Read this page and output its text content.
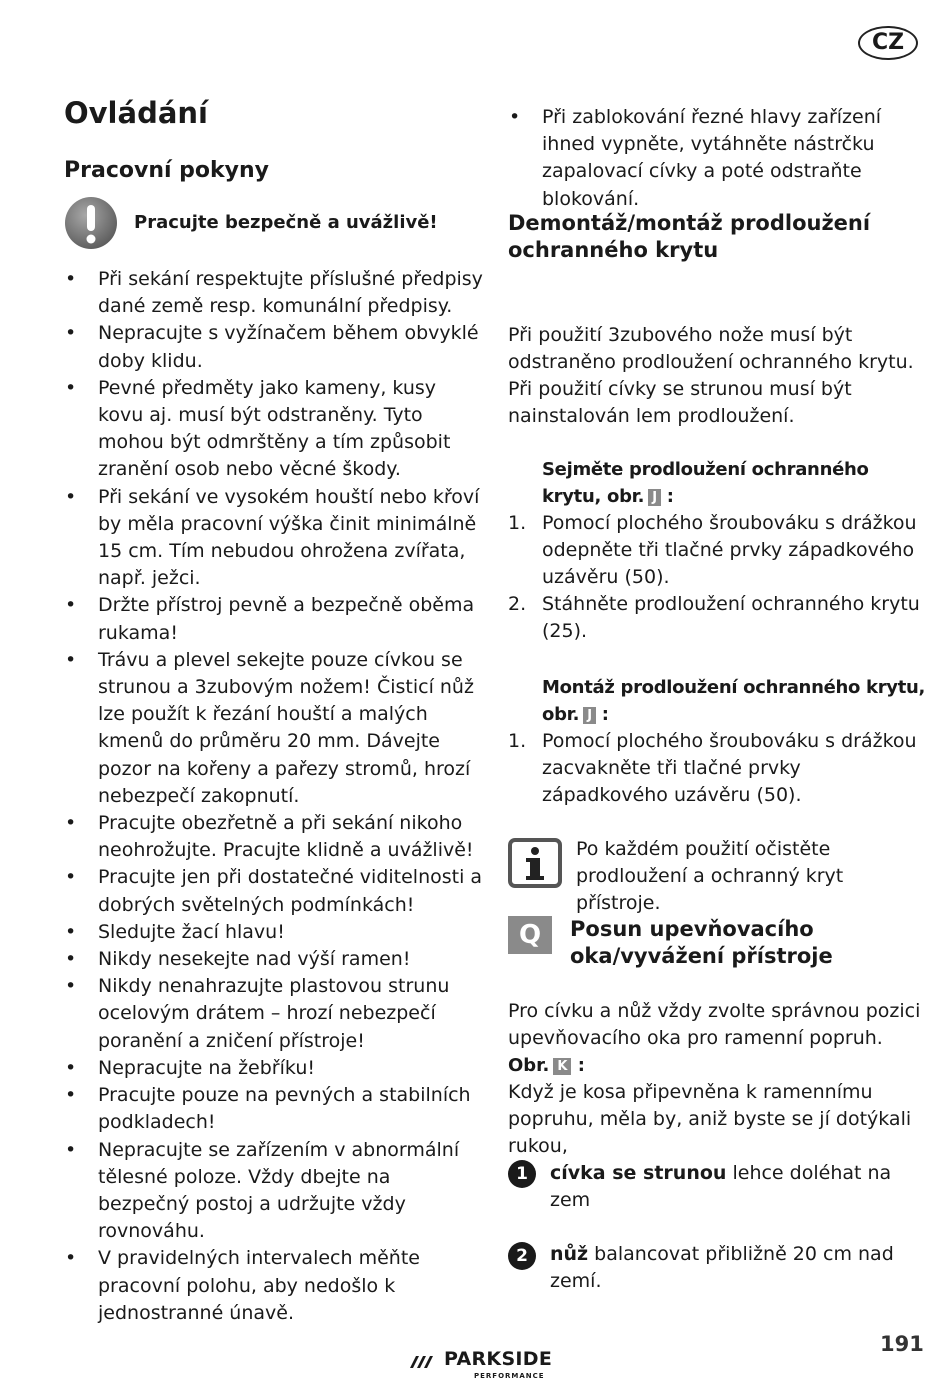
CZ
Ovládání
Pracovní pokyny
Pracujte bezpečně a uvážlivě!
• Při sekání respektujte příslušné předpisy dané země resp. komunální předpisy.
• Nepracujte s vyžínačem během obvyklé doby klidu.
• Pevné předměty jako kameny, kusy kovu aj. musí být odstraněny. Tyto mohou být odmrštěny a tím způsobit zranění osob nebo věcné škody.
• Při sekání ve vysokém houští nebo křoví by měla pracovní výška činit minimálně 15 cm. Tím nebudou ohrožena zvířata, např. ježci.
• Držte přístroj pevně a bezpečně oběma rukama!
• Trávu a plevel sekejte pouze cívkou se strunou a 3zubovým nožem! Čisticí nůž lze použít k řezání houští a malých kmenů do průměru 20 mm. Dávejte pozor na kořeny a pařezy stromů, hrozí nebezpečí zakopnutí.
• Pracujte obezřetně a při sekání nikoho neohrožujte. Pracujte klidně a uvážlivě!
• Pracujte jen při dostatečné viditelnosti a dobrých světelných podmínkách!
• Sledujte žací hlavu!
• Nikdy nesekejte nad výší ramen!
• Nikdy nenahrazujte plastovou strunu ocelovým drátem – hrozí nebezpečí poranění a zničení přístroje!
• Nepracujte na žebříku!
• Pracujte pouze na pevných a stabilních podkladech!
• Nepracujte se zařízením v abnormální tělesné poloze. Vždy dbejte na bezpečný postoj a udržujte vždy rovnováhu.
• V pravidelných intervalech měňte pracovní polohu, aby nedošlo k jednostranné únavě.
• Při zablokování řezné hlavy zařízení ihned vypněte, vytáhněte nástrčku zapalovací cívky a poté odstraňte blokování.
Demontáž/montáž prodloužení ochranného krytu

Při použití 3zubového nože musí být odstraněno prodloužení ochranného krytu. Při použití cívky se strunou musí být nainstalován lem prodloužení.

Sejměte prodloužení ochranného krytu, obr. J :
1. Pomocí plochého šroubováku s drážkou odepněte tři tlačné prvky západkového uzávěru (50).
2. Stáhněte prodloužení ochranného krytu (25).
Montáž prodloužení ochranného krytu, obr. J :
1. Pomocí plochého šroubováku s drážkou zacvakněte tři tlačné prvky západkového uzávěru (50).

Po každém použití očistěte prodloužení a ochranný kryt přístroje.

Q	Posun upevňovacího oka/vyvážení přístroje

Pro cívku a nůž vždy zvolte správnou pozici upevňovacího oka pro ramenní popruh.

Obr. K :

Když je kosa připevněna k ramennímu popruhu, měla by, aniž byste se jí dotýkali rukou,

1	cívka se strunou lehce doléhat na zem

2	nůž balancovat přibližně 20 cm nad zemí.

PARKSIDE
PERFORMANCE
191
